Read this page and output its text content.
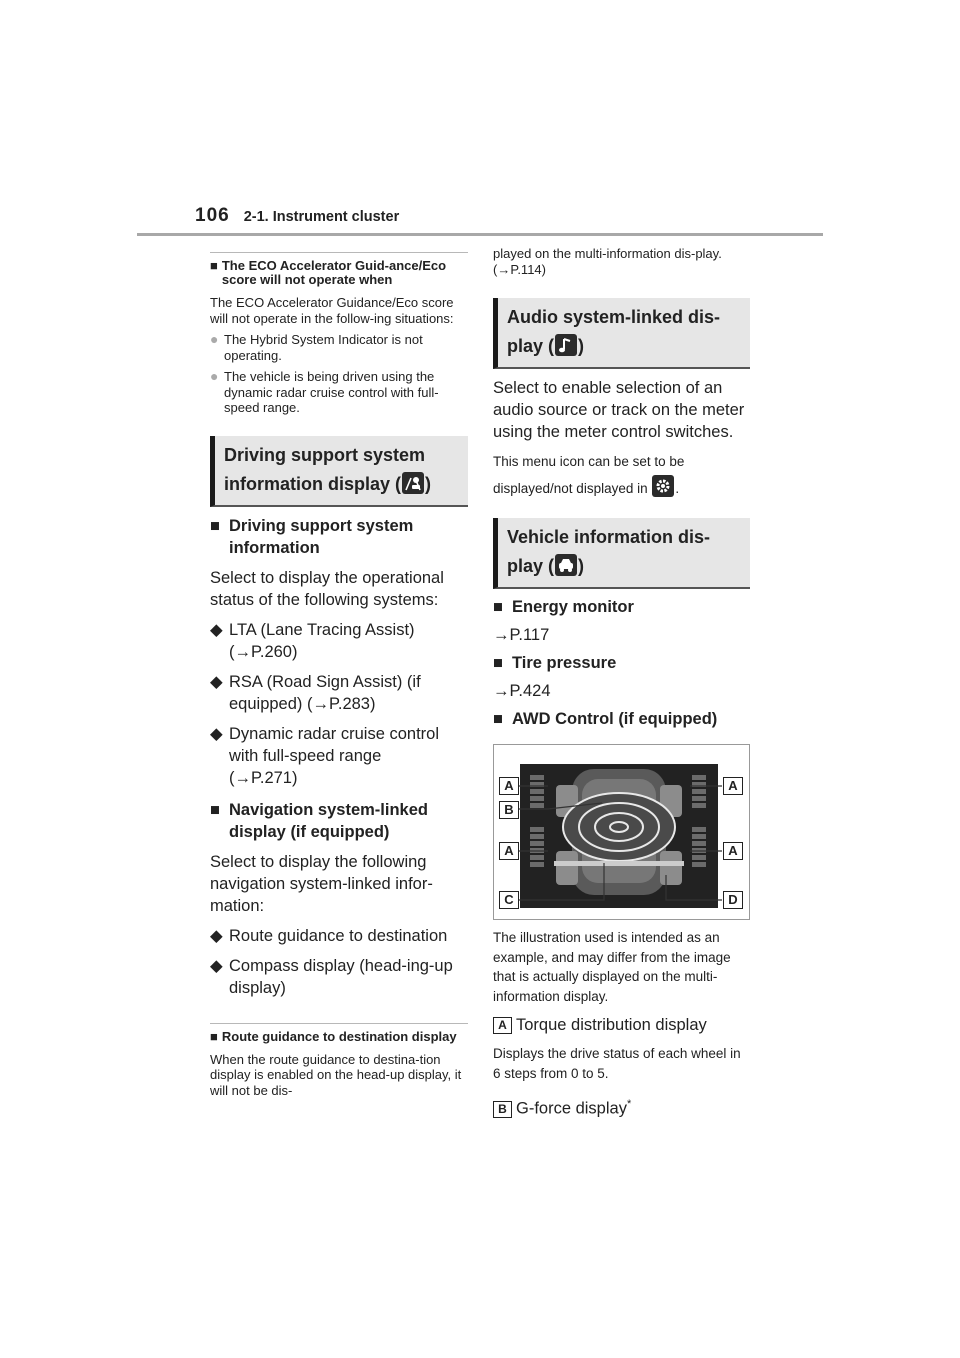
106 2-1. Instrument cluster
■ The ECO Accelerator Guid-ance/Eco score will not operate when
The ECO Accelerator Guidance/Eco score will not operate in the follow-ing situations:
● The Hybrid System Indicator is not operating.
● The vehicle is being driven using the dynamic radar cruise control with full-speed range.
Driving support system
information display ( )
■ Driving support system information
Select to display the operational status of the following systems:
◆ LTA (Lane Tracing Assist)
(→P.260)
◆ RSA (Road Sign Assist) (if equipped) (→P.283)
◆ Dynamic radar cruise control with full-speed range
(→P.271)
■ Navigation system-linked display (if equipped)
Select to display the following navigation system-linked infor-mation:
◆ Route guidance to destination
◆ Compass display (head-ing-up display)
■ Route guidance to destination display
When the route guidance to destina-tion display is enabled on the head-up display, it will not be dis-
played on the multi-information dis-play. (→P.114)
Audio system-linked dis-
play ( )
Select to enable selection of an audio source or track on the meter using the meter control switches.
This menu icon can be set to be
displayed/not displayed in .
Vehicle information dis-
play ( )
■ Energy monitor
→P.117
■ Tire pressure
→P.424
■ AWD Control (if equipped)
A	A
B
A	A
C	D
The illustration used is intended as an example, and may differ from the image that is actually displayed on the multi-information display.
A Torque distribution display
Displays the drive status of each wheel in 6 steps from 0 to 5.
B G-force display*
